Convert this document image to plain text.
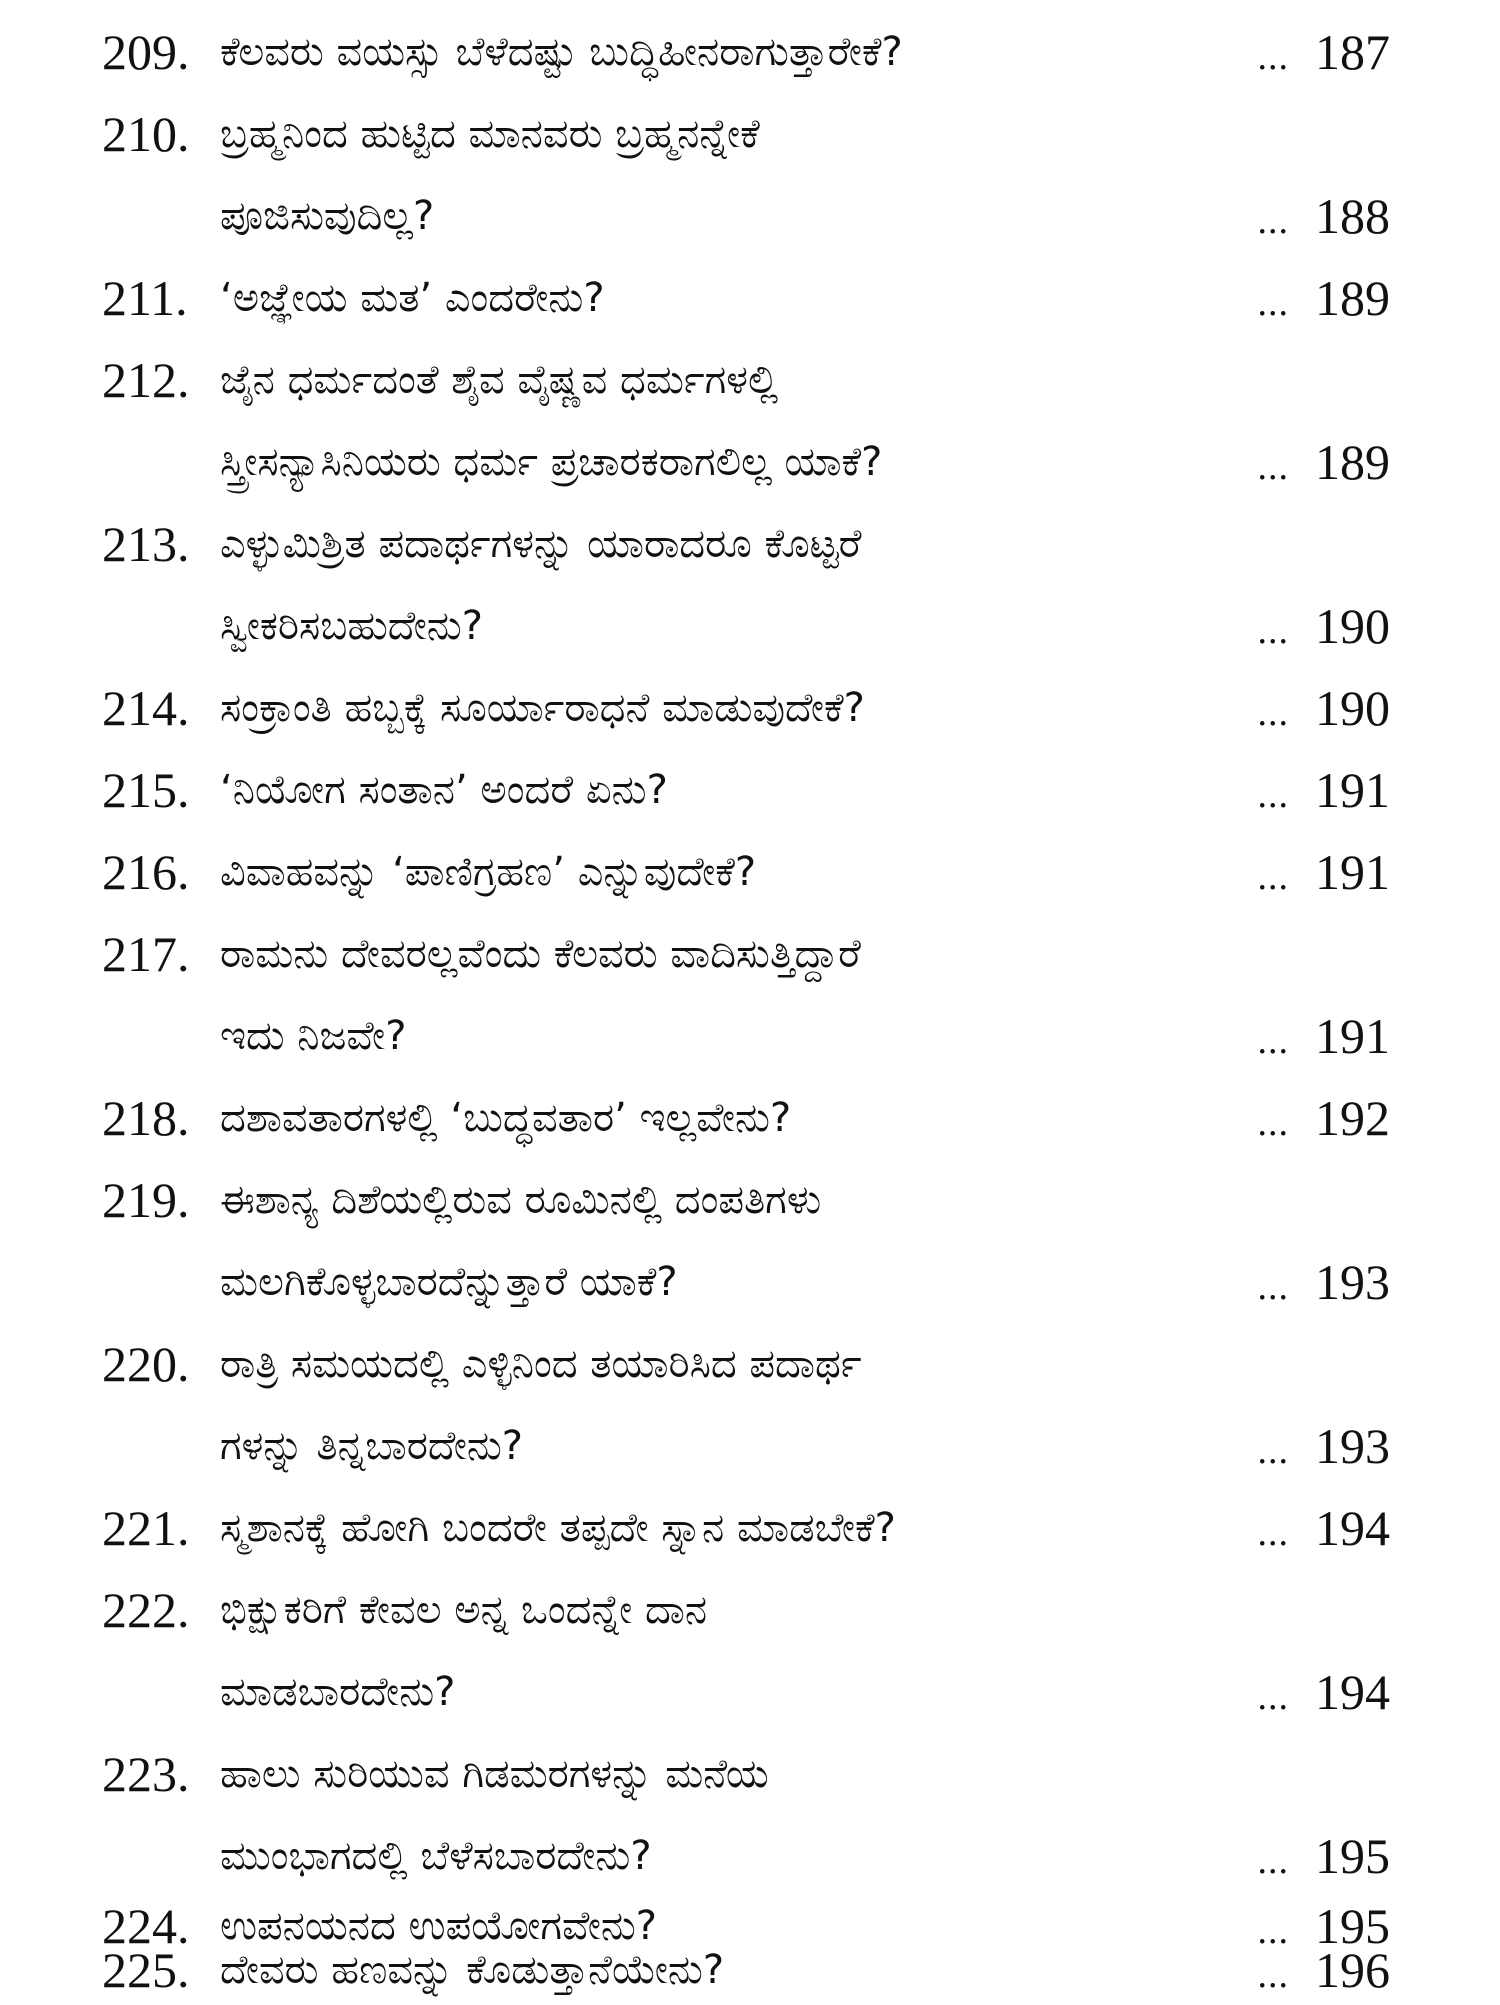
209. ಕೆಲವರು ವಯಸ್ಸು ಬೆಳೆದಷ್ಟು ಬುದ್ಧಿಹೀನರಾಗುತ್ತಾರೇಕೆ?	... 187
210. ಬ್ರಹ್ಮನಿಂದ ಹುಟ್ಟಿದ ಮಾನವರು ಬ್ರಹ್ಮನನ್ನೇಕೆ
ಪೂಜಿಸುವುದಿಲ್ಲ?	... 188
211. ‘ಅಜ್ಞೇಯ ಮತ’ ಎಂದರೇನು?	... 189
212. ಜೈನ ಧರ್ಮದಂತೆ ಶೈವ ವೈಷ್ಣವ ಧರ್ಮಗಳಲ್ಲಿ
ಸ್ತ್ರೀಸನ್ಯಾಸಿನಿಯರು ಧರ್ಮ ಪ್ರಚಾರಕರಾಗಲಿಲ್ಲ ಯಾಕೆ?	... 189
213. ಎಳ್ಳುಮಿಶ್ರಿತ ಪದಾರ್ಥಗಳನ್ನು ಯಾರಾದರೂ ಕೊಟ್ಟರೆ
ಸ್ವೀಕರಿಸಬಹುದೇನು?	... 190
214. ಸಂಕ್ರಾಂತಿ ಹಬ್ಬಕ್ಕೆ ಸೂರ್ಯಾರಾಧನೆ ಮಾಡುವುದೇಕೆ?	... 190
215. ‘ನಿಯೋಗ ಸಂತಾನ’ ಅಂದರೆ ಏನು?	... 191
216. ವಿವಾಹವನ್ನು ‘ಪಾಣಿಗ್ರಹಣ’ ಎನ್ನುವುದೇಕೆ?	... 191
217. ರಾಮನು ದೇವರಲ್ಲವೆಂದು ಕೆಲವರು ವಾದಿಸುತ್ತಿದ್ದಾರೆ
ಇದು ನಿಜವೇ?	... 191
218. ದಶಾವತಾರಗಳಲ್ಲಿ ‘ಬುದ್ಧವತಾರ’ ಇಲ್ಲವೇನು?	... 192
219. ಈಶಾನ್ಯ ದಿಶೆಯಲ್ಲಿರುವ ರೂಮಿನಲ್ಲಿ ದಂಪತಿಗಳು
ಮಲಗಿಕೊಳ್ಳಬಾರದೆನ್ನುತ್ತಾರೆ ಯಾಕೆ?	... 193
220. ರಾತ್ರಿ ಸಮಯದಲ್ಲಿ ಎಳ್ಳಿನಿಂದ ತಯಾರಿಸಿದ ಪದಾರ್ಥ
ಗಳನ್ನು ತಿನ್ನಬಾರದೇನು?	... 193
221. ಸ್ಮಶಾನಕ್ಕೆ ಹೋಗಿ ಬಂದರೇ ತಪ್ಪದೇ ಸ್ನಾನ ಮಾಡಬೇಕೆ?	... 194
222. ಭಿಕ್ಷುಕರಿಗೆ ಕೇವಲ ಅನ್ನ ಒಂದನ್ನೇ ದಾನ
ಮಾಡಬಾರದೇನು?	... 194
223. ಹಾಲು ಸುರಿಯುವ ಗಿಡಮರಗಳನ್ನು ಮನೆಯ
ಮುಂಭಾಗದಲ್ಲಿ ಬೆಳೆಸಬಾರದೇನು?	... 195
224. ಉಪನಯನದ ಉಪಯೋಗವೇನು?	... 195
225. ದೇವರು ಹಣವನ್ನು ಕೊಡುತ್ತಾನೆಯೇನು?	... 196
